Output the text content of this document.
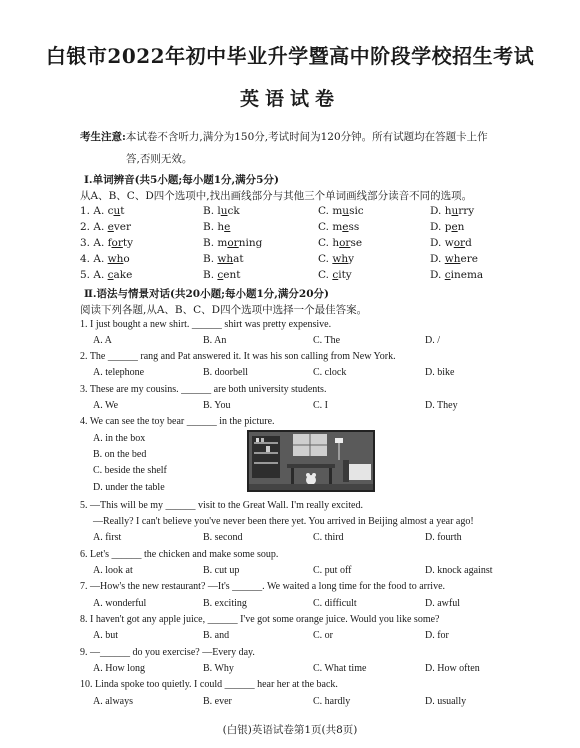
白银市2022年初中毕业升学暨高中阶段学校招生考试
英语试卷
考生注意:本试卷不含听力,满分为150分,考试时间为120分钟。所有试题均在答题卡上作
答,否则无效。
Ⅰ.单词辨音(共5小题;每小题1分,满分5分)
从A、B、C、D四个选项中,找出画线部分与其他三个单词画线部分读音不同的选项。
1. A. cut	B. luck	C. music	D. hurry
2. A. ever	B. he	C. mess	D. pen
3. A. forty	B. morning	C. horse	D. word
4. A. who	B. what	C. why	D. where
5. A. cake	B. cent	C. city	D. cinema
Ⅱ.语法与情景对话(共20小题;每小题1分,满分20分)
阅读下列各题,从A、B、C、D四个选项中选择一个最佳答案。
1. I just bought a new shirt. ______ shirt was pretty expensive.
A. A	B. An	C. The	D. /
2. The ______ rang and Pat answered it. It was his son calling from New York.
A. telephone	B. doorbell	C. clock	D. bike
3. These are my cousins. ______ are both university students.
A. We	B. You	C. I	D. They
4. We can see the toy bear ______ in the picture.
A. in the box
B. on the bed
C. beside the shelf
D. under the table
5. —This will be my ______ visit to the Great Wall. I'm really excited.
—Really? I can't believe you've never been there yet. You arrived in Beijing almost a year ago!
A. first	B. second	C. third	D. fourth
6. Let's ______ the chicken and make some soup.
A. look at	B. cut up	C. put off	D. knock against
7. —How's the new restaurant? —It's ______. We waited a long time for the food to arrive.
A. wonderful	B. exciting	C. difficult	D. awful
8. I haven't got any apple juice, ______ I've got some orange juice. Would you like some?
A. but	B. and	C. or	D. for
9. —______ do you exercise? —Every day.
A. How long	B. Why	C. What time	D. How often
10. Linda spoke too quietly. I could ______ hear her at the back.
A. always	B. ever	C. hardly	D. usually
(白银)英语试卷第1页(共8页)
